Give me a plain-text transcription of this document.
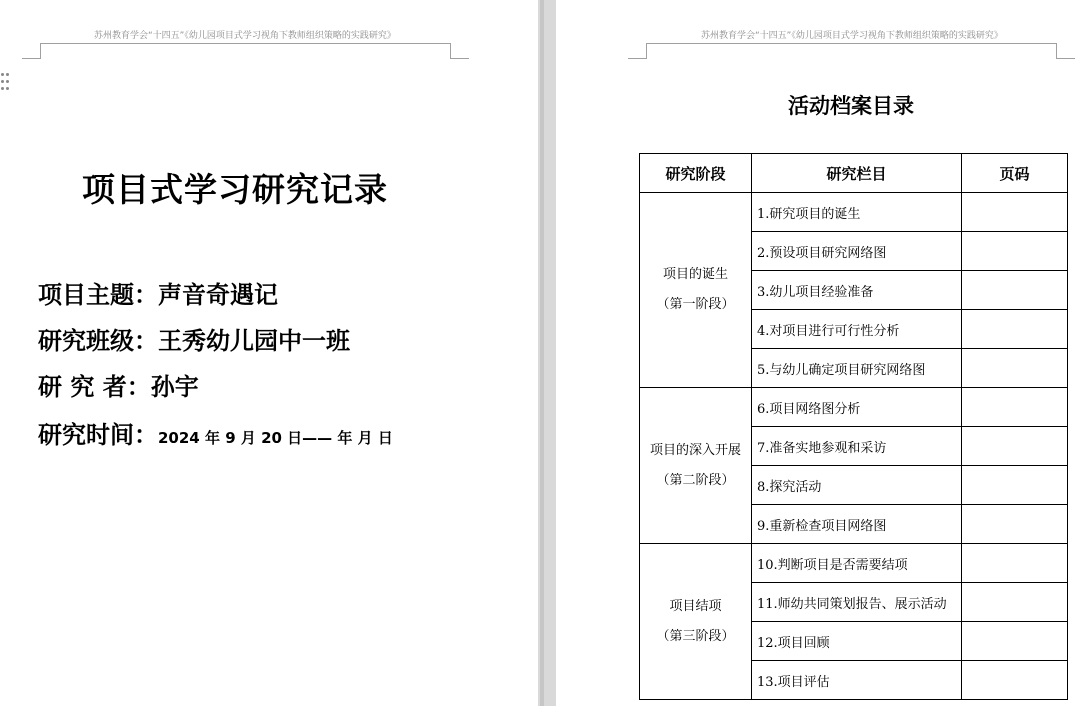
苏州教育学会“十四五”《幼儿园项目式学习视角下教师组织策略的实践研究》
项目式学习研究记录
项目主题：声音奇遇记
研究班级：王秀幼儿园中一班
研 究 者：孙宇
研究时间：2024 年 9 月 20 日—— 年 月 日
苏州教育学会“十四五”《幼儿园项目式学习视角下教师组织策略的实践研究》
活动档案目录
研究阶段	研究栏目	页码

项目的诞生
（第一阶段）	1.研究项目的诞生	
	2.预设项目研究网络图	
	3.幼儿项目经验准备	
	4.对项目进行可行性分析	
	5.与幼儿确定项目研究网络图	

项目的深入开展
（第二阶段）	6.项目网络图分析	
	7.准备实地参观和采访	
	8.探究活动	
	9.重新检查项目网络图	

项目结项
（第三阶段）	10.判断项目是否需要结项	
	11.师幼共同策划报告、展示活动	
	12.项目回顾	
	13.项目评估	
